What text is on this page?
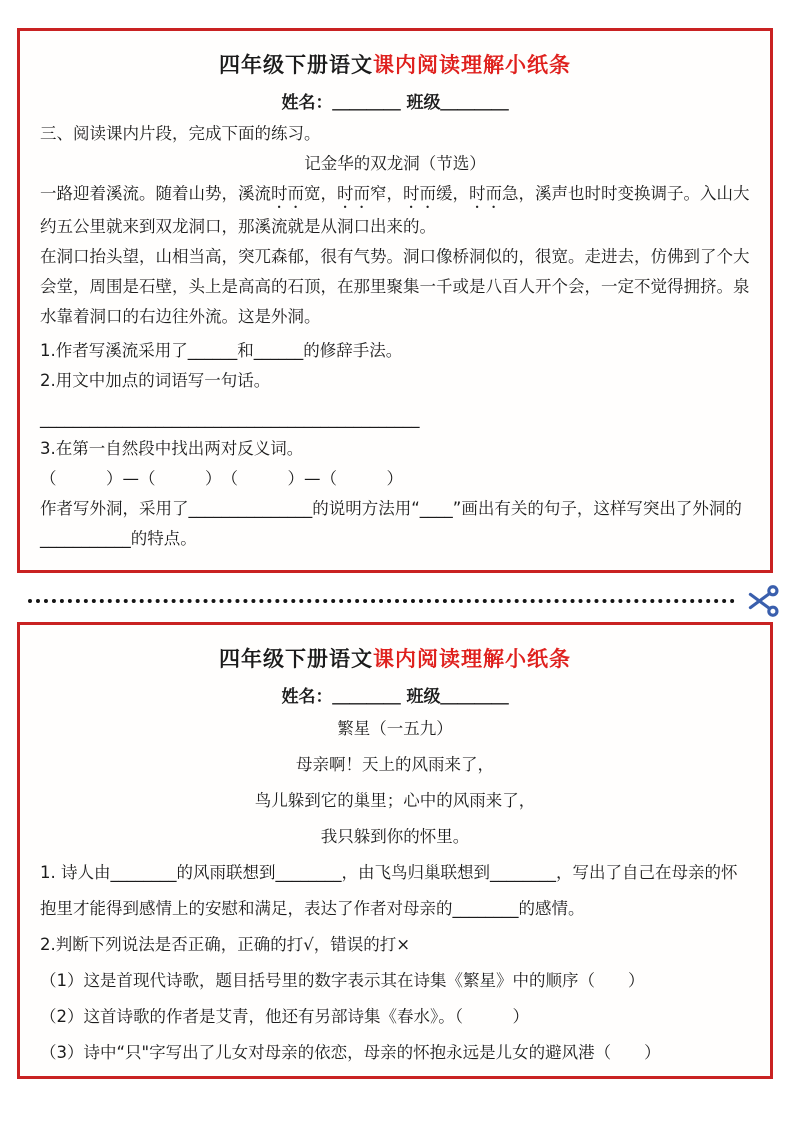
四年级下册语文课内阅读理解小纸条
姓名：＿＿＿＿ 班级＿＿＿＿

三、阅读课内片段，完成下面的练习。

记金华的双龙洞（节选）

一路迎着溪流。随着山势，溪流时而宽，时而窄，时而缓，时而急，溪声也时时变换调子。入山大约五公里就来到双龙洞口，那溪流就是从洞口出来的。

在洞口抬头望，山相当高，突兀森郁，很有气势。洞口像桥洞似的，很宽。走进去，仿佛到了个大会堂，周围是石壁，头上是高高的石顶，在那里聚集一千或是八百人开个会，一定不觉得拥挤。泉水靠着洞口的右边往外流。这是外洞。

1.作者写溪流采用了______和______的修辞手法。

2.用文中加点的词语写一句话。

______________________________________________

3.在第一自然段中找出两对反义词。

（　　　）—（　　　）　（　　　）—（　　　）

作者写外洞，采用了_______________的说明方法用“____”画出有关的句子，这样写突出了外洞的___________的特点。

四年级下册语文课内阅读理解小纸条
姓名：＿＿＿＿ 班级＿＿＿＿

繁星（一五九）

母亲啊！天上的风雨来了，

鸟儿躲到它的巢里；心中的风雨来了，

我只躲到你的怀里。

1. 诗人由________的风雨联想到________，由飞鸟归巢联想到________，写出了自己在母亲的怀抱里才能得到感情上的安慰和满足，表达了作者对母亲的________的感情。

2.判断下列说法是否正确，正确的打√，错误的打×

（1）这是首现代诗歌，题目括号里的数字表示其在诗集《繁星》中的顺序（　　）

（2）这首诗歌的作者是艾青，他还有另部诗集《春水》。（　　　）

（3）诗中“只"字写出了儿女对母亲的依恋，母亲的怀抱永远是儿女的避风港（　　）
